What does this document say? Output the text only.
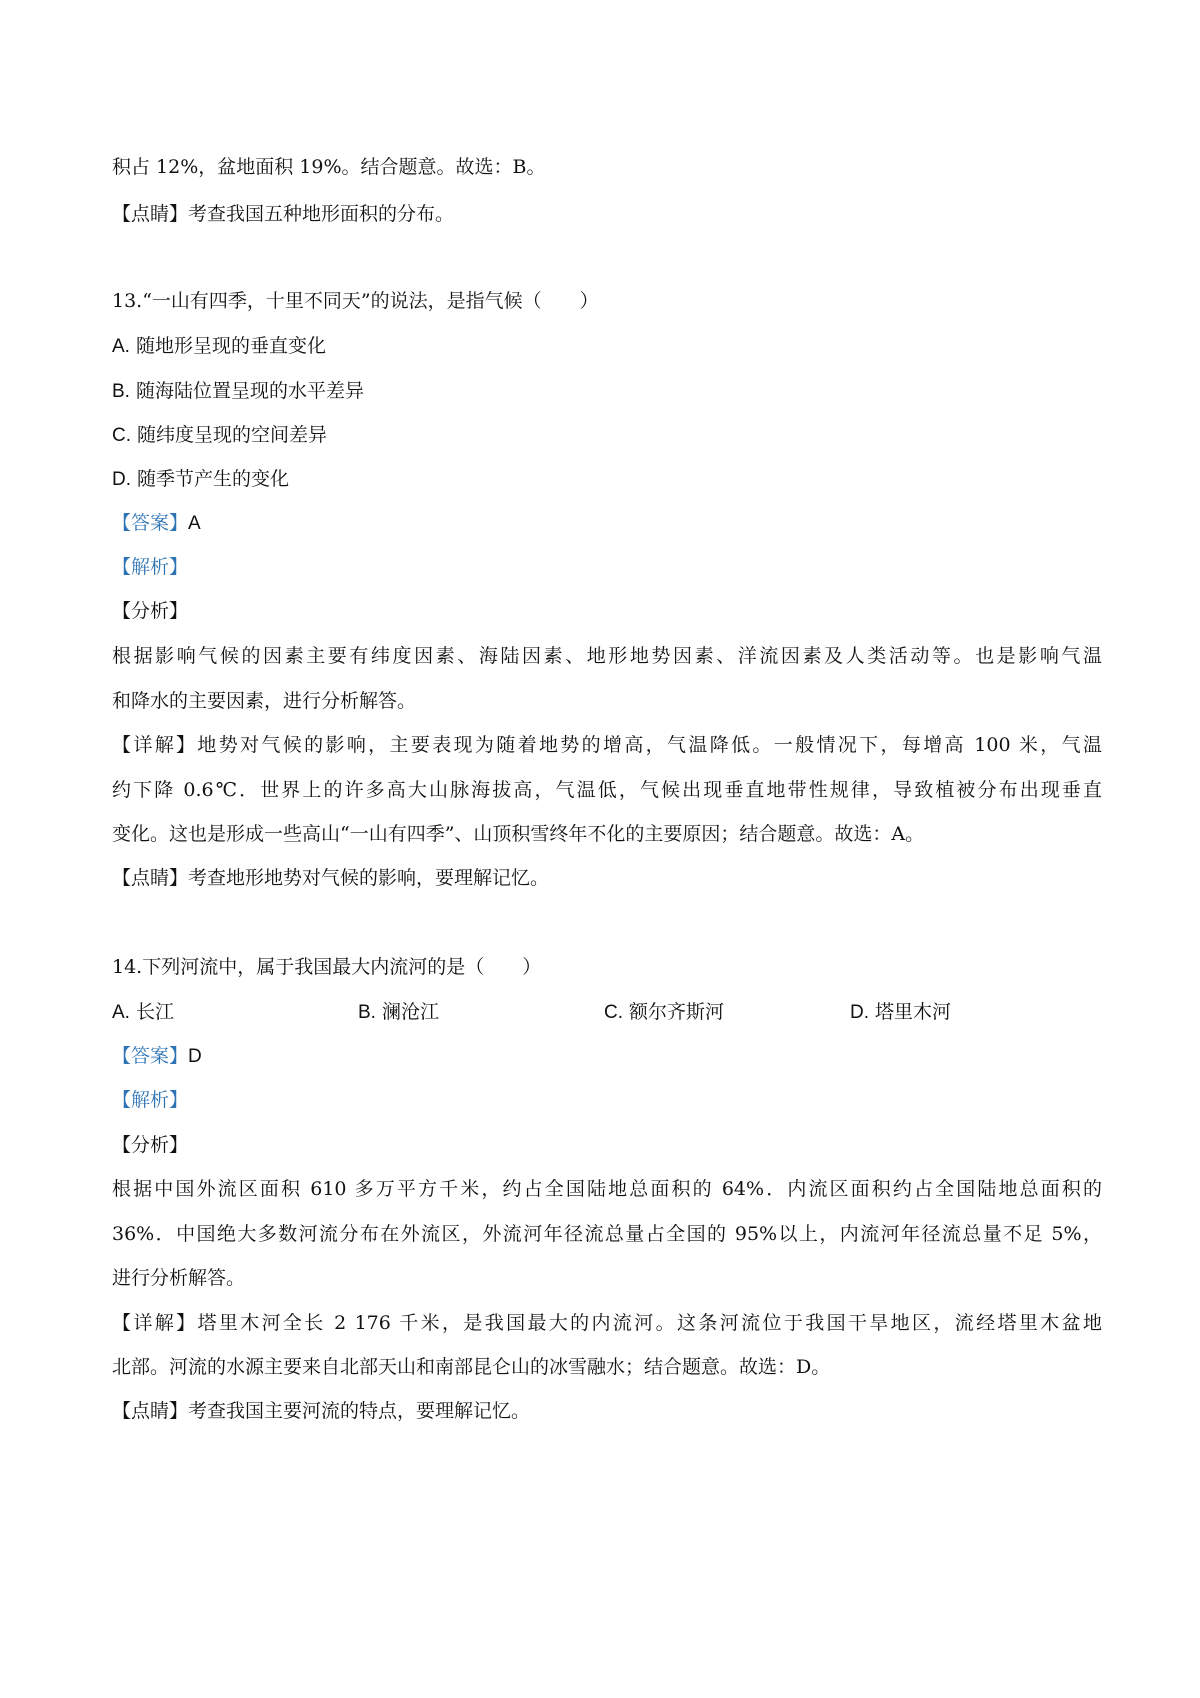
积占 12%，盆地面积 19%。结合题意。故选：B。
【点睛】考查我国五种地形面积的分布。
13.“一山有四季，十里不同天”的说法，是指气候（　　）
A. 随地形呈现的垂直变化
B. 随海陆位置呈现的水平差异
C. 随纬度呈现的空间差异
D. 随季节产生的变化
【答案】A
【解析】
【分析】
根据影响气候的因素主要有纬度因素、海陆因素、地形地势因素、洋流因素及人类活动等。也是影响气温
和降水的主要因素，进行分析解答。
【详解】地势对气候的影响，主要表现为随着地势的增高，气温降低。一般情况下，每增高 100 米，气温
约下降 0.6℃．世界上的许多高大山脉海拔高，气温低，气候出现垂直地带性规律，导致植被分布出现垂直
变化。这也是形成一些高山“一山有四季”、山顶积雪终年不化的主要原因；结合题意。故选：A。
【点睛】考查地形地势对气候的影响，要理解记忆。
14.下列河流中，属于我国最大内流河的是（　　）
A. 长江	B. 澜沧江	C. 额尔齐斯河	D. 塔里木河
【答案】D
【解析】
【分析】
根据中国外流区面积 610 多万平方千米，约占全国陆地总面积的 64%．内流区面积约占全国陆地总面积的
36%．中国绝大多数河流分布在外流区，外流河年径流总量占全国的 95%以上，内流河年径流总量不足 5%，
进行分析解答。
【详解】塔里木河全长 2 176 千米，是我国最大的内流河。这条河流位于我国干旱地区，流经塔里木盆地
北部。河流的水源主要来自北部天山和南部昆仑山的冰雪融水；结合题意。故选：D。
【点睛】考查我国主要河流的特点，要理解记忆。
